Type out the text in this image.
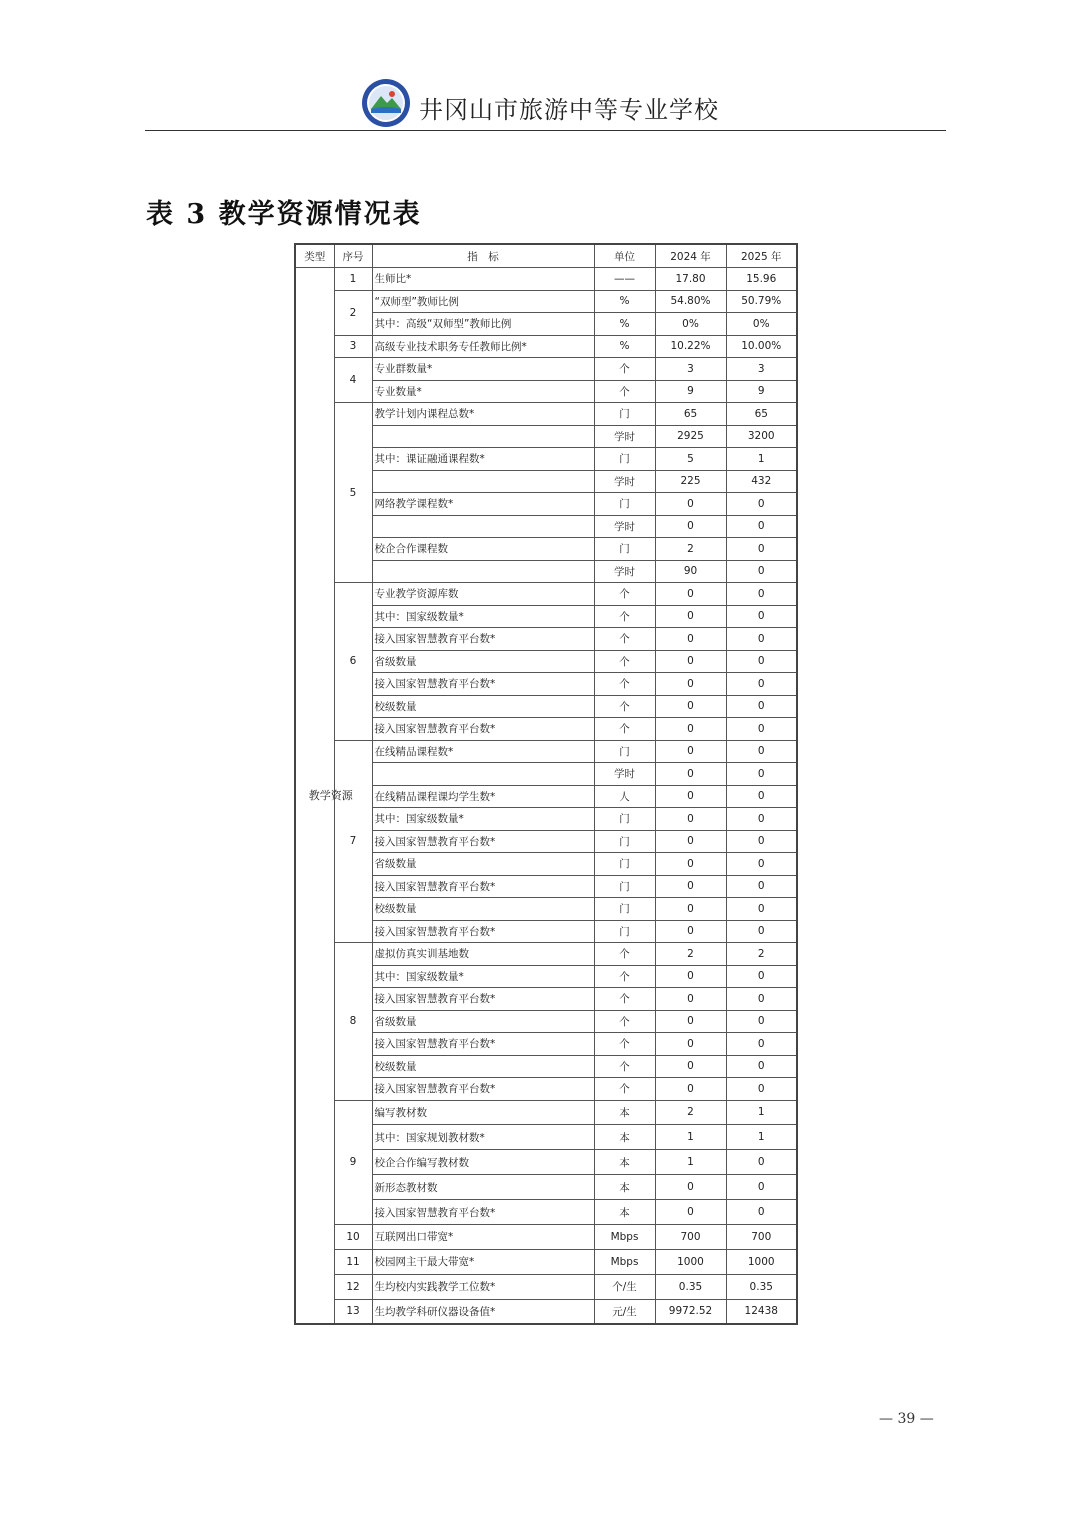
井冈山市旅游中等专业学校
表 3 教学资源情况表
类型	序号	指　标	单位	2024 年	2025 年

教学资源	1	生师比*	——	17.80	15.96
	2	“双师型”教师比例	%	54.80%	50.79%
		其中：高级“双师型”教师比例	%	0%	0%
	3	高级专业技术职务专任教师比例*	%	10.22%	10.00%
	4	专业群数量*	个	3	3
		专业数量*	个	9	9
	5	教学计划内课程总数*	门	65	65
			学时	2925	3200
		其中：课证融通课程数*	门	5	1
			学时	225	432
		网络教学课程数*	门	0	0
			学时	0	0
		校企合作课程数	门	2	0
			学时	90	0
	6	专业教学资源库数	个	0	0
		其中：国家级数量*	个	0	0
		接入国家智慧教育平台数*	个	0	0
		省级数量	个	0	0
		接入国家智慧教育平台数*	个	0	0
		校级数量	个	0	0
		接入国家智慧教育平台数*	个	0	0
	7	在线精品课程数*	门	0	0
			学时	0	0
		在线精品课程课均学生数*	人	0	0
		其中：国家级数量*	门	0	0
		接入国家智慧教育平台数*	门	0	0
		省级数量	门	0	0
		接入国家智慧教育平台数*	门	0	0
		校级数量	门	0	0
		接入国家智慧教育平台数*	门	0	0
	8	虚拟仿真实训基地数	个	2	2
		其中：国家级数量*	个	0	0
		接入国家智慧教育平台数*	个	0	0
		省级数量	个	0	0
		接入国家智慧教育平台数*	个	0	0
		校级数量	个	0	0
		接入国家智慧教育平台数*	个	0	0
	9	编写教材数	本	2	1
		其中：国家规划教材数*	本	1	1
		校企合作编写教材数	本	1	0
		新形态教材数	本	0	0
		接入国家智慧教育平台数*	本	0	0
	10	互联网出口带宽*	Mbps	700	700
	11	校园网主干最大带宽*	Mbps	1000	1000
	12	生均校内实践教学工位数*	个/生	0.35	0.35
	13	生均教学科研仪器设备值*	元/生	9972.52	12438
— 39 —
